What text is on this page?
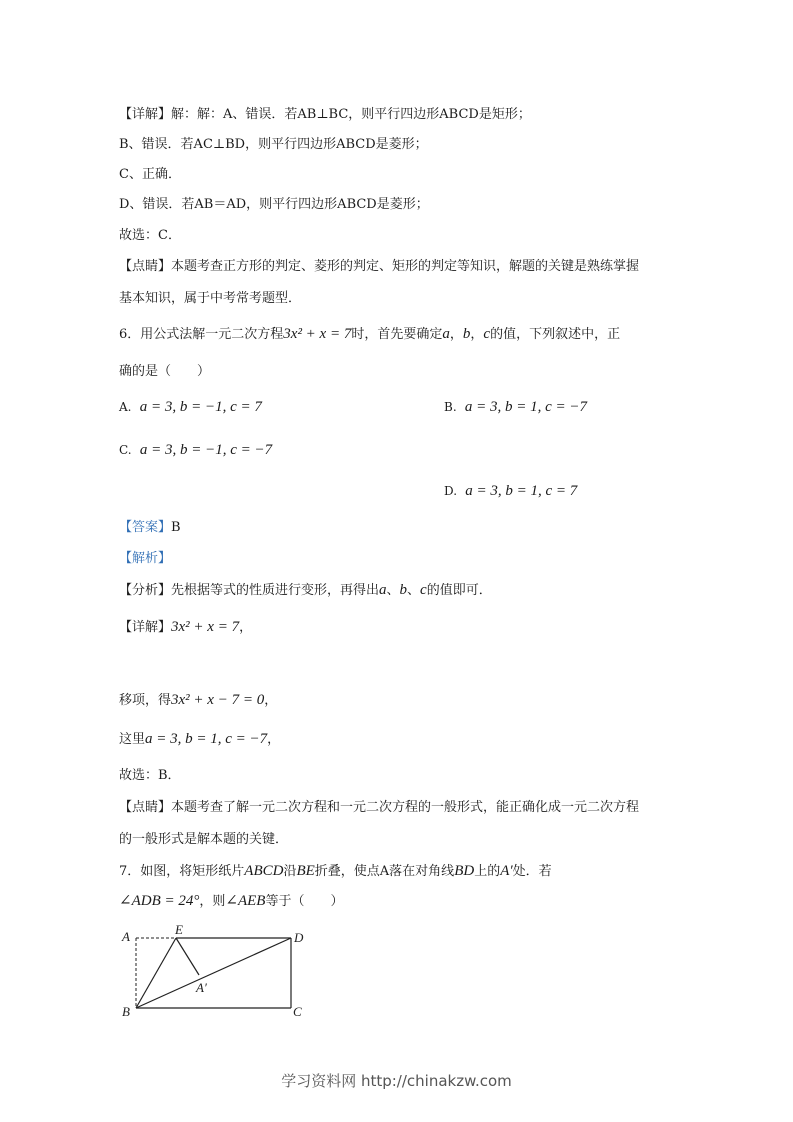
【详解】解：解：A、错误．若AB⊥BC，则平行四边形ABCD是矩形；
B、错误．若AC⊥BD，则平行四边形ABCD是菱形；
C、正确．
D、错误．若AB＝AD，则平行四边形ABCD是菱形；
故选：C．
【点睛】本题考查正方形的判定、菱形的判定、矩形的判定等知识，解题的关键是熟练掌握
基本知识，属于中考常考题型．
6．用公式法解一元二次方程3x² + x = 7时，首先要确定a，b，c的值，下列叙述中，正
确的是（　　）
A. a = 3, b = −1, c = 7	B. a = 3, b = 1, c = −7
C. a = 3, b = −1, c = −7
D. a = 3, b = 1, c = 7
【答案】B
【解析】
【分析】先根据等式的性质进行变形，再得出a、b、c的值即可．
【详解】3x² + x = 7，
移项，得3x² + x − 7 = 0，
这里a = 3, b = 1, c = −7，
故选：B．
【点睛】本题考查了解一元二次方程和一元二次方程的一般形式，能正确化成一元二次方程
的一般形式是解本题的关键．
7．如图，将矩形纸片ABCD沿BE折叠，使点A落在对角线BD上的A′处．若
∠ADB = 24°，则∠AEB等于（　　）
A	E
D
A′
B	C
学习资料网 http://chinakzw.com
